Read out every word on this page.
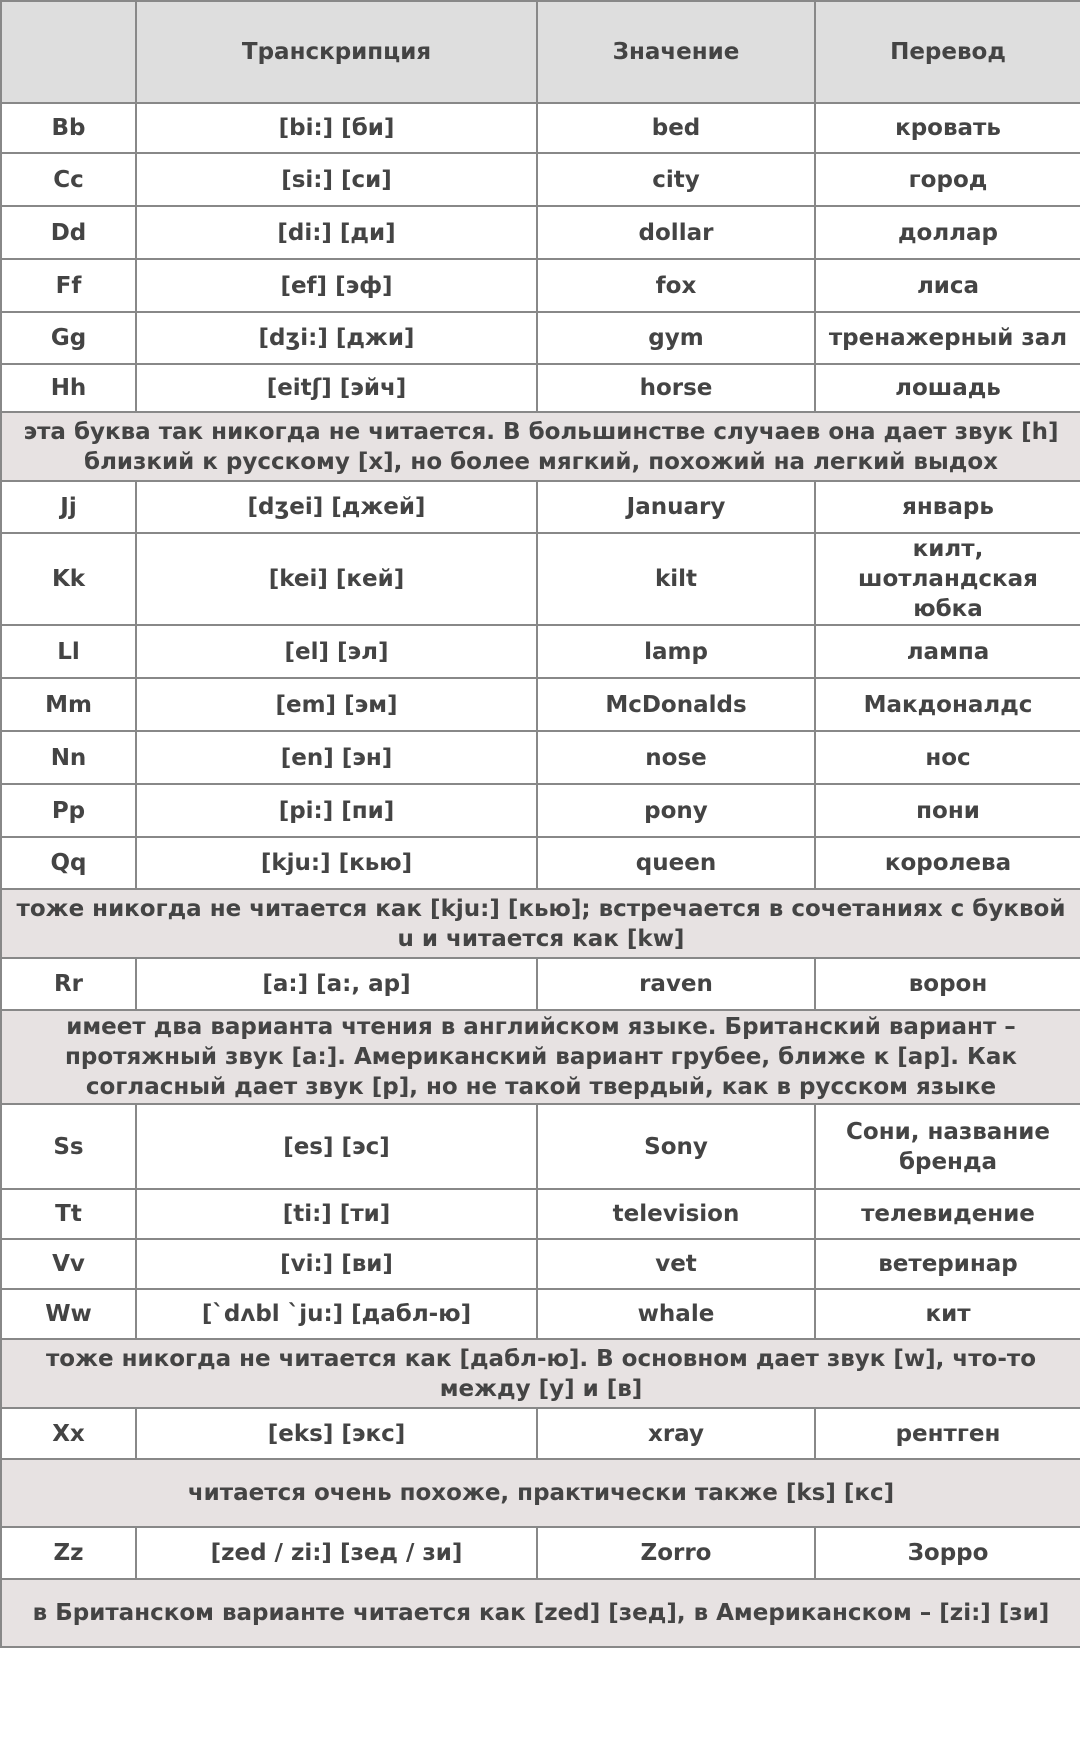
	Транскрипция	Значение	Перевод
Bb	[bi:] [би]	bed	кровать
Cc	[si:] [си]	city	город
Dd	[di:] [ди]	dollar	доллар
Ff	[ef] [эф]	fox	лиса
Gg	[dʒi:] [джи]	gym	тренажерный зал
Hh	[eitʃ] [эйч]	horse	лошадь
эта буква так никогда не читается. В большинстве случаев она дает звук [h] близкий к русскому [х], но более мягкий, похожий на легкий выдох			
Jj	[dʒei] [джей]	January	январь
Kk	[kei] [кей]	kilt	килт, шотландская юбка
Ll	[el] [эл]	lamp	лампа
Mm	[em] [эм]	McDonalds	Макдоналдс
Nn	[en] [эн]	nose	нос
Pp	[pi:] [пи]	pony	пони
Qq	[kju:] [кью]	queen	королева
тоже никогда не читается как [kju:] [кью]; встречается в сочетаниях с буквой u и читается как [kw]			
Rr	[a:] [a:, ар]	raven	ворон
имеет два варианта чтения в английском языке. Британский вариант – протяжный звук [a:]. Американский вариант грубее, ближе к [ар]. Как согласный дает звук [р], но не такой твердый, как в русском языке			
Ss	[es] [эс]	Sony	Сони, название бренда
Tt	[ti:] [ти]	television	телевидение
Vv	[vi:] [ви]	vet	ветеринар
Ww	[`dʌbl `ju:] [дабл-ю]	whale	кит
тоже никогда не читается как [дабл-ю]. В основном дает звук [w], что-то между [у] и [в]			
Xx	[eks] [экс]	xray	рентген
читается очень похоже, практически также [ks] [кс]			
Zz	[zed / zi:] [зед / зи]	Zorro	Зорро
в Британском варианте читается как [zed] [зед], в Американском – [zi:] [зи]			
